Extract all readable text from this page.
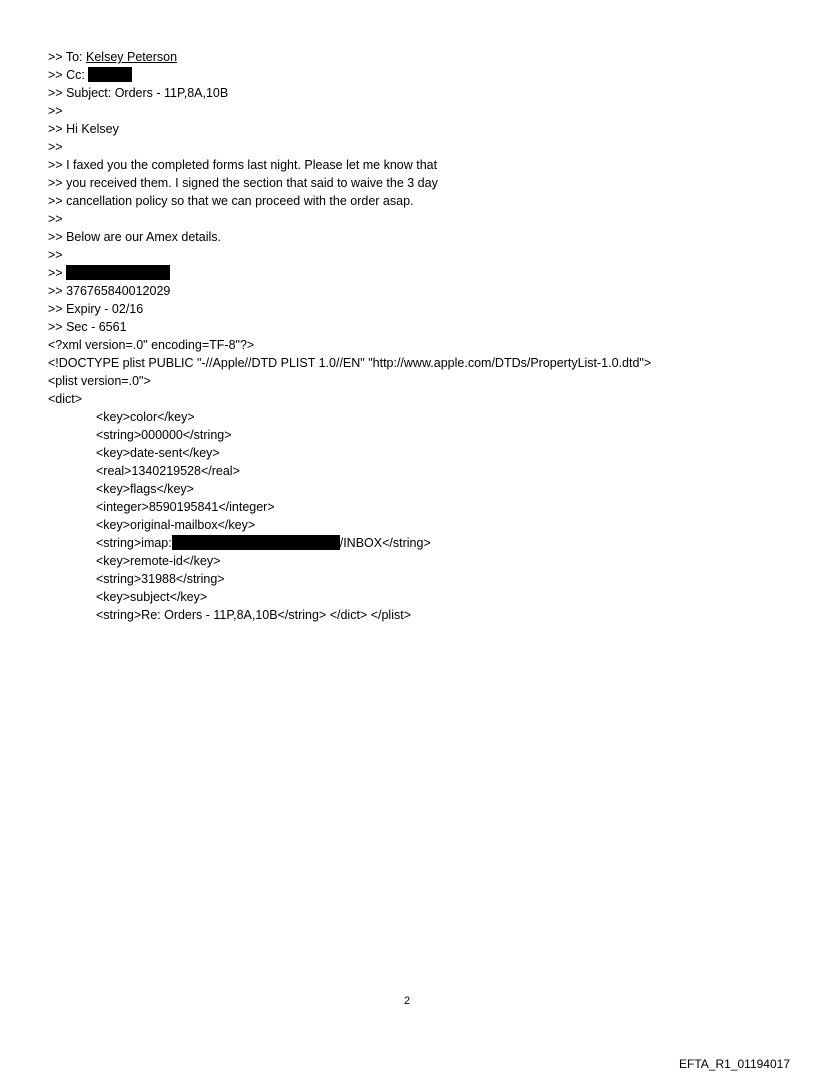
>> To: Kelsey Peterson
>> Cc:
>> Subject: Orders - 11P,8A,10B
>>
>> Hi Kelsey
>>
>> I faxed you the completed forms last night. Please let me know that
>> you received them. I signed the section that said to waive the 3 day
>> cancellation policy so that we can proceed with the order asap.
>>
>> Below are our Amex details.
>>
>>
>> 376765840012029
>> Expiry - 02/16
>> Sec - 6561
<?xml version=.0" encoding=TF-8"?>
<!DOCTYPE plist PUBLIC "-//Apple//DTD PLIST 1.0//EN" "http://www.apple.com/DTDs/PropertyList-1.0.dtd">
<plist version=.0">
<dict>
<key>color</key>
<string>000000</string>
<key>date-sent</key>
<real>1340219528</real>
<key>flags</key>
<integer>8590195841</integer>
<key>original-mailbox</key>
<string>imap:	/INBOX</string>
<key>remote-id</key>
<string>31988</string>
<key>subject</key>
<string>Re: Orders - 11P,8A,10B</string> </dict> </plist>
2
EFTA_R1_01194017
